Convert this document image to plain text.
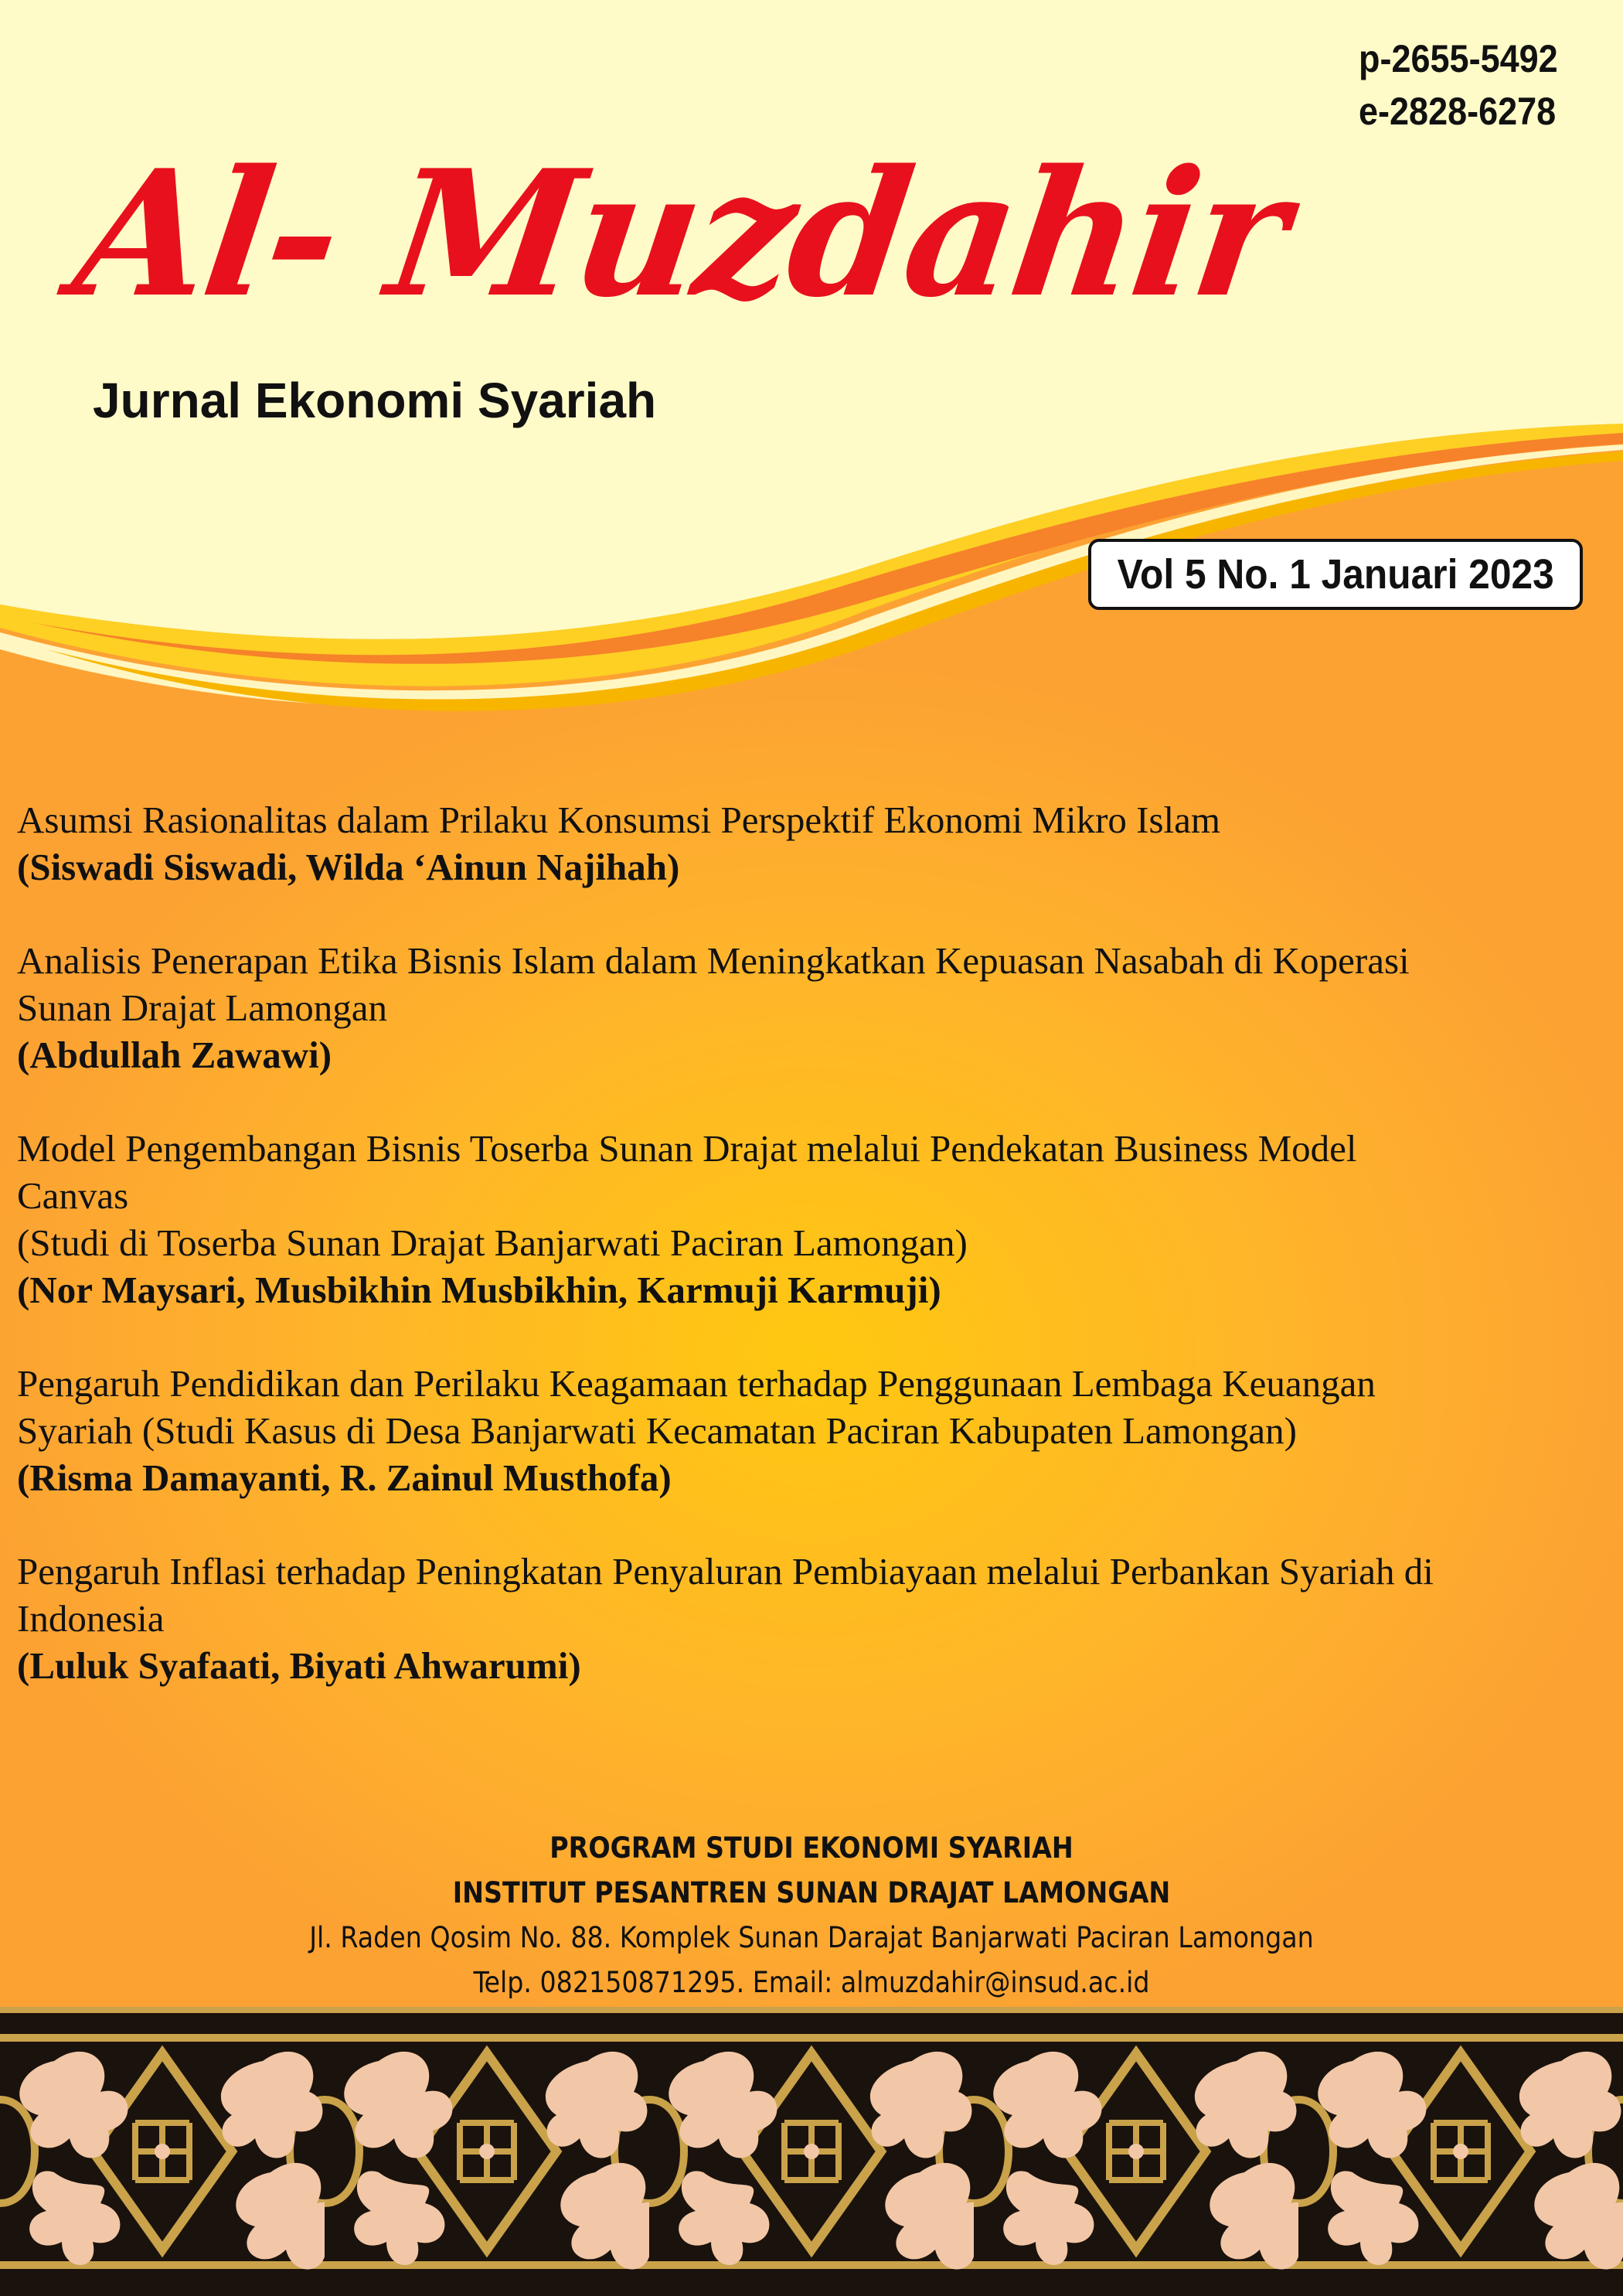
p-2655-5492
e-2828-6278
Al- Muzdahir
Jurnal Ekonomi Syariah
Vol 5 No. 1 Januari 2023
Asumsi Rasionalitas dalam Prilaku Konsumsi Perspektif Ekonomi Mikro Islam
(Siswadi Siswadi, Wilda ‘Ainun Najihah)
Analisis Penerapan Etika Bisnis Islam dalam Meningkatkan Kepuasan Nasabah di Koperasi
Sunan Drajat Lamongan
(Abdullah Zawawi)
Model Pengembangan Bisnis Toserba Sunan Drajat melalui Pendekatan Business Model
Canvas
(Studi di Toserba Sunan Drajat Banjarwati Paciran Lamongan)
(Nor Maysari, Musbikhin Musbikhin, Karmuji Karmuji)
Pengaruh Pendidikan dan Perilaku Keagamaan terhadap Penggunaan Lembaga Keuangan
Syariah (Studi Kasus di Desa Banjarwati Kecamatan Paciran Kabupaten Lamongan)
(Risma Damayanti, R. Zainul Musthofa)
Pengaruh Inflasi terhadap Peningkatan Penyaluran Pembiayaan melalui Perbankan Syariah di
Indonesia
(Luluk Syafaati, Biyati Ahwarumi)
PROGRAM STUDI EKONOMI SYARIAH
INSTITUT PESANTREN SUNAN DRAJAT LAMONGAN
Jl. Raden Qosim No. 88. Komplek Sunan Darajat Banjarwati Paciran Lamongan
Telp. 082150871295. Email: almuzdahir@insud.ac.id
